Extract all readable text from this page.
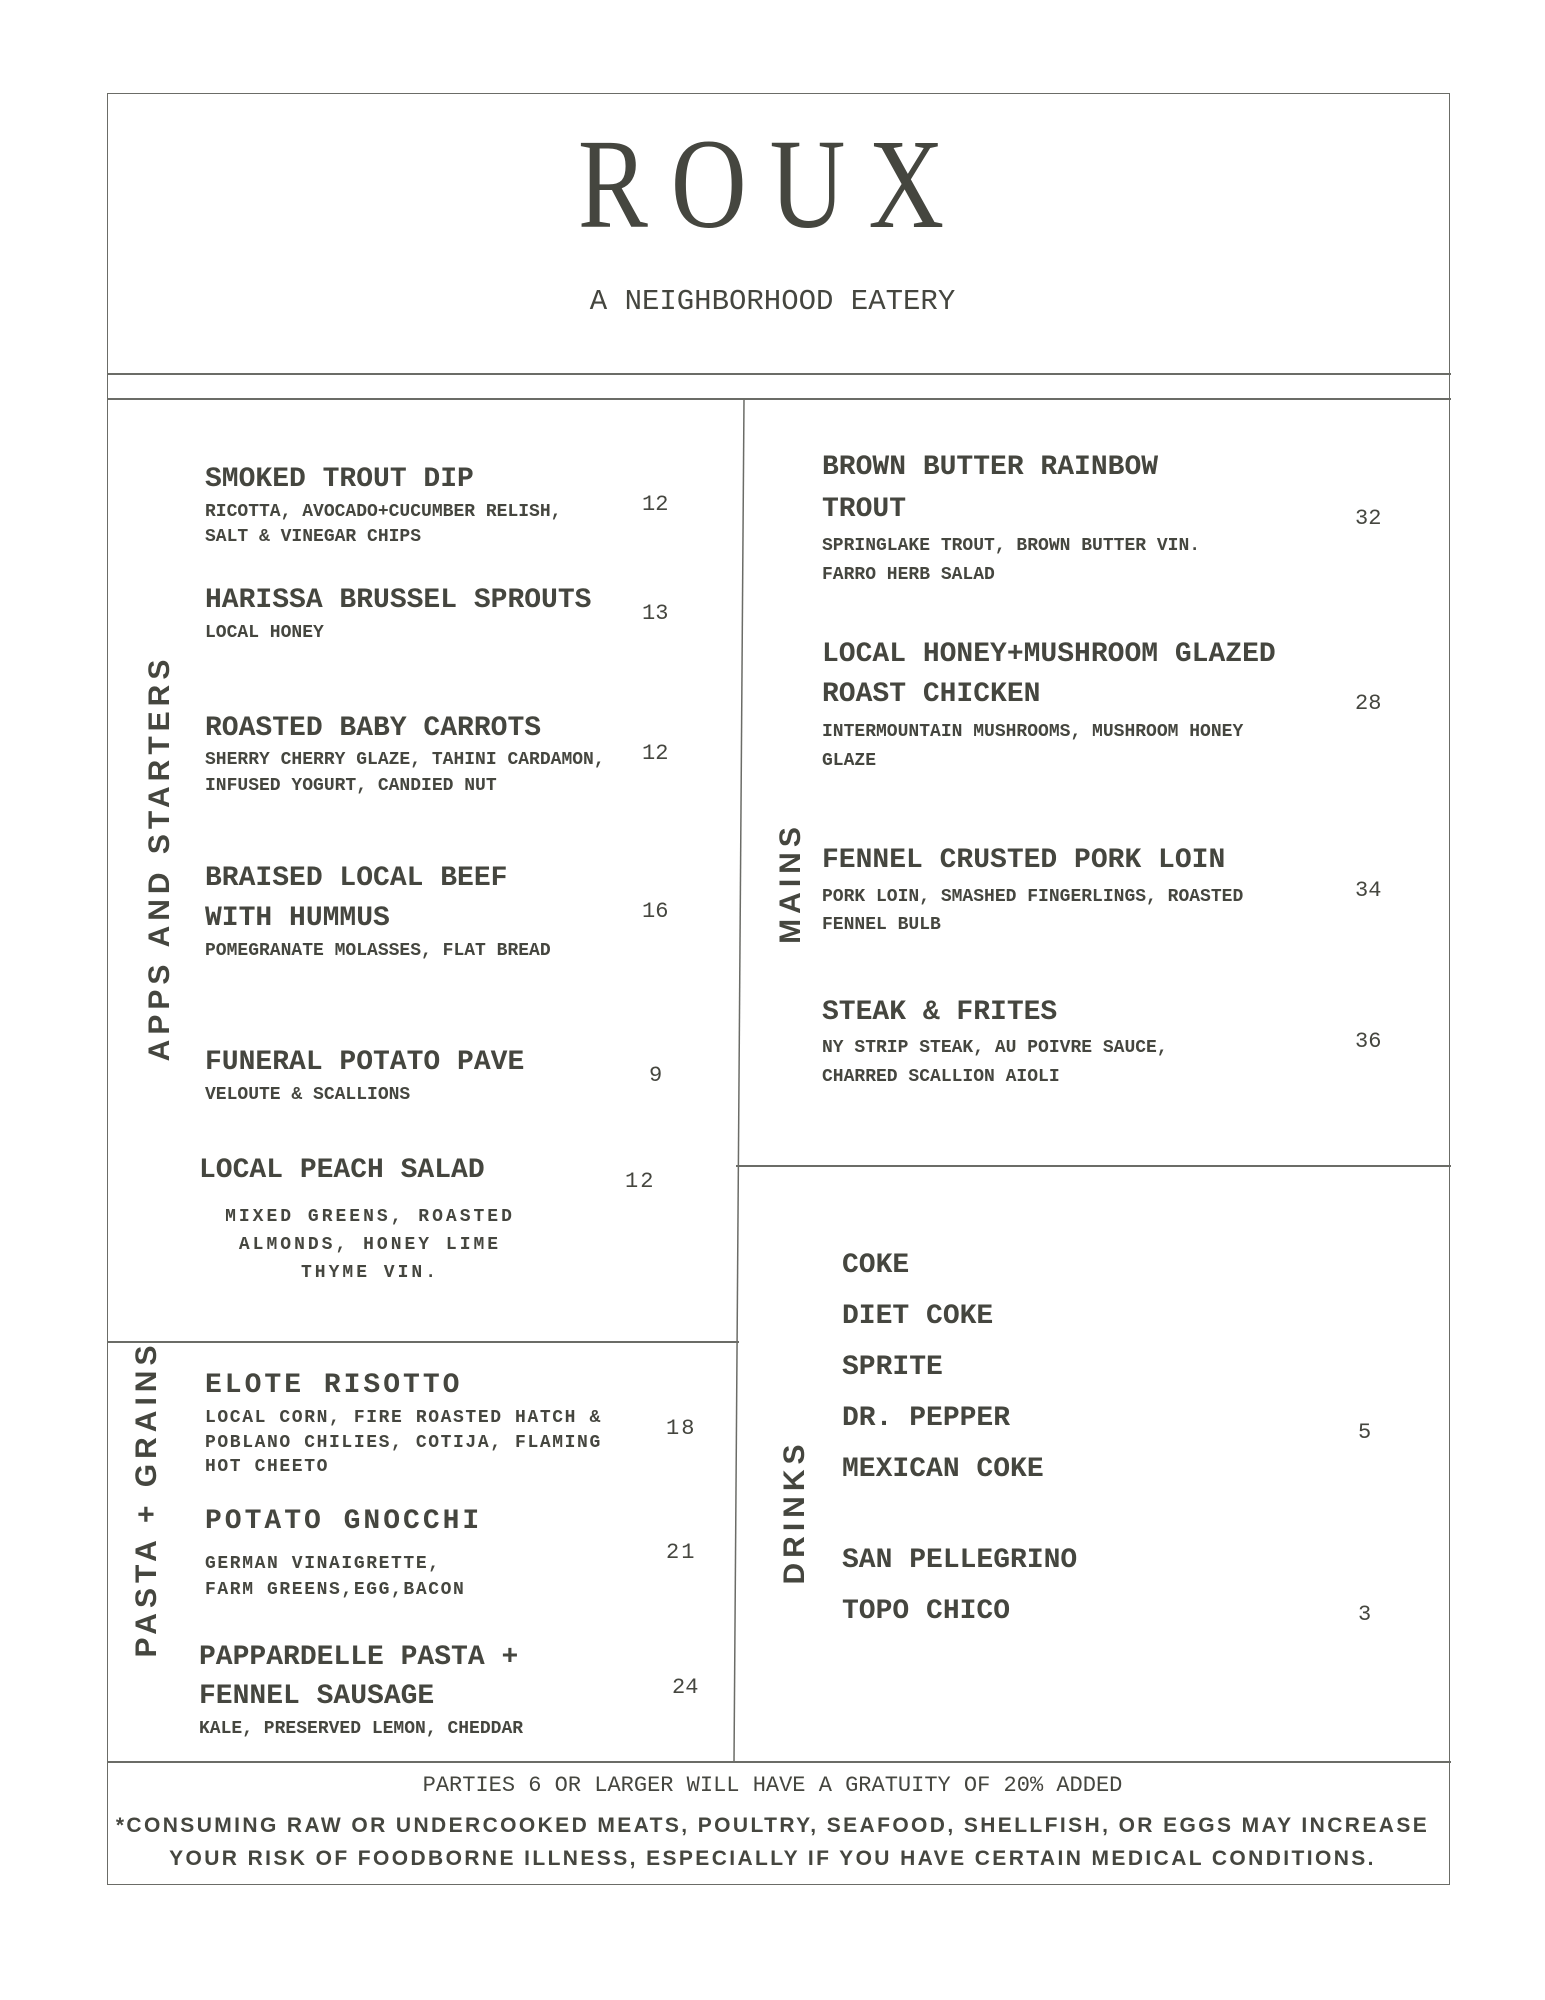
ROUX
A NEIGHBORHOOD EATERY
APPS AND STARTERS
PASTA + GRAINS
MAINS
DRINKS
SMOKED TROUT DIP
RICOTTA, AVOCADO+CUCUMBER RELISH,
SALT & VINEGAR CHIPS
12
HARISSA BRUSSEL SPROUTS
LOCAL HONEY
13
ROASTED BABY CARROTS
SHERRY CHERRY GLAZE, TAHINI CARDAMON,
INFUSED YOGURT, CANDIED NUT
12
BRAISED LOCAL BEEF
WITH HUMMUS
POMEGRANATE MOLASSES, FLAT BREAD
16
FUNERAL POTATO PAVE
VELOUTE & SCALLIONS
9
LOCAL PEACH SALAD
MIXED GREENS, ROASTED
ALMONDS, HONEY LIME
THYME VIN.
12
ELOTE RISOTTO
LOCAL CORN, FIRE ROASTED HATCH &
POBLANO CHILIES, COTIJA, FLAMING
HOT CHEETO
18
POTATO GNOCCHI
GERMAN VINAIGRETTE,
FARM GREENS,EGG,BACON
21
PAPPARDELLE PASTA +
FENNEL SAUSAGE
KALE, PRESERVED LEMON, CHEDDAR
24
BROWN BUTTER RAINBOW
TROUT
SPRINGLAKE TROUT, BROWN BUTTER VIN.
FARRO HERB SALAD
32
LOCAL HONEY+MUSHROOM GLAZED
ROAST CHICKEN
INTERMOUNTAIN MUSHROOMS, MUSHROOM HONEY
GLAZE
28
FENNEL CRUSTED PORK LOIN
PORK LOIN, SMASHED FINGERLINGS, ROASTED
FENNEL BULB
34
STEAK & FRITES
NY STRIP STEAK, AU POIVRE SAUCE,
CHARRED SCALLION AIOLI
36
COKE
DIET COKE
SPRITE
DR. PEPPER
MEXICAN COKE
SAN PELLEGRINO
TOPO CHICO
5
3
PARTIES 6 OR LARGER WILL HAVE A GRATUITY OF 20% ADDED
*CONSUMING RAW OR UNDERCOOKED MEATS, POULTRY, SEAFOOD, SHELLFISH, OR EGGS MAY INCREASE
YOUR RISK OF FOODBORNE ILLNESS, ESPECIALLY IF YOU HAVE CERTAIN MEDICAL CONDITIONS.
